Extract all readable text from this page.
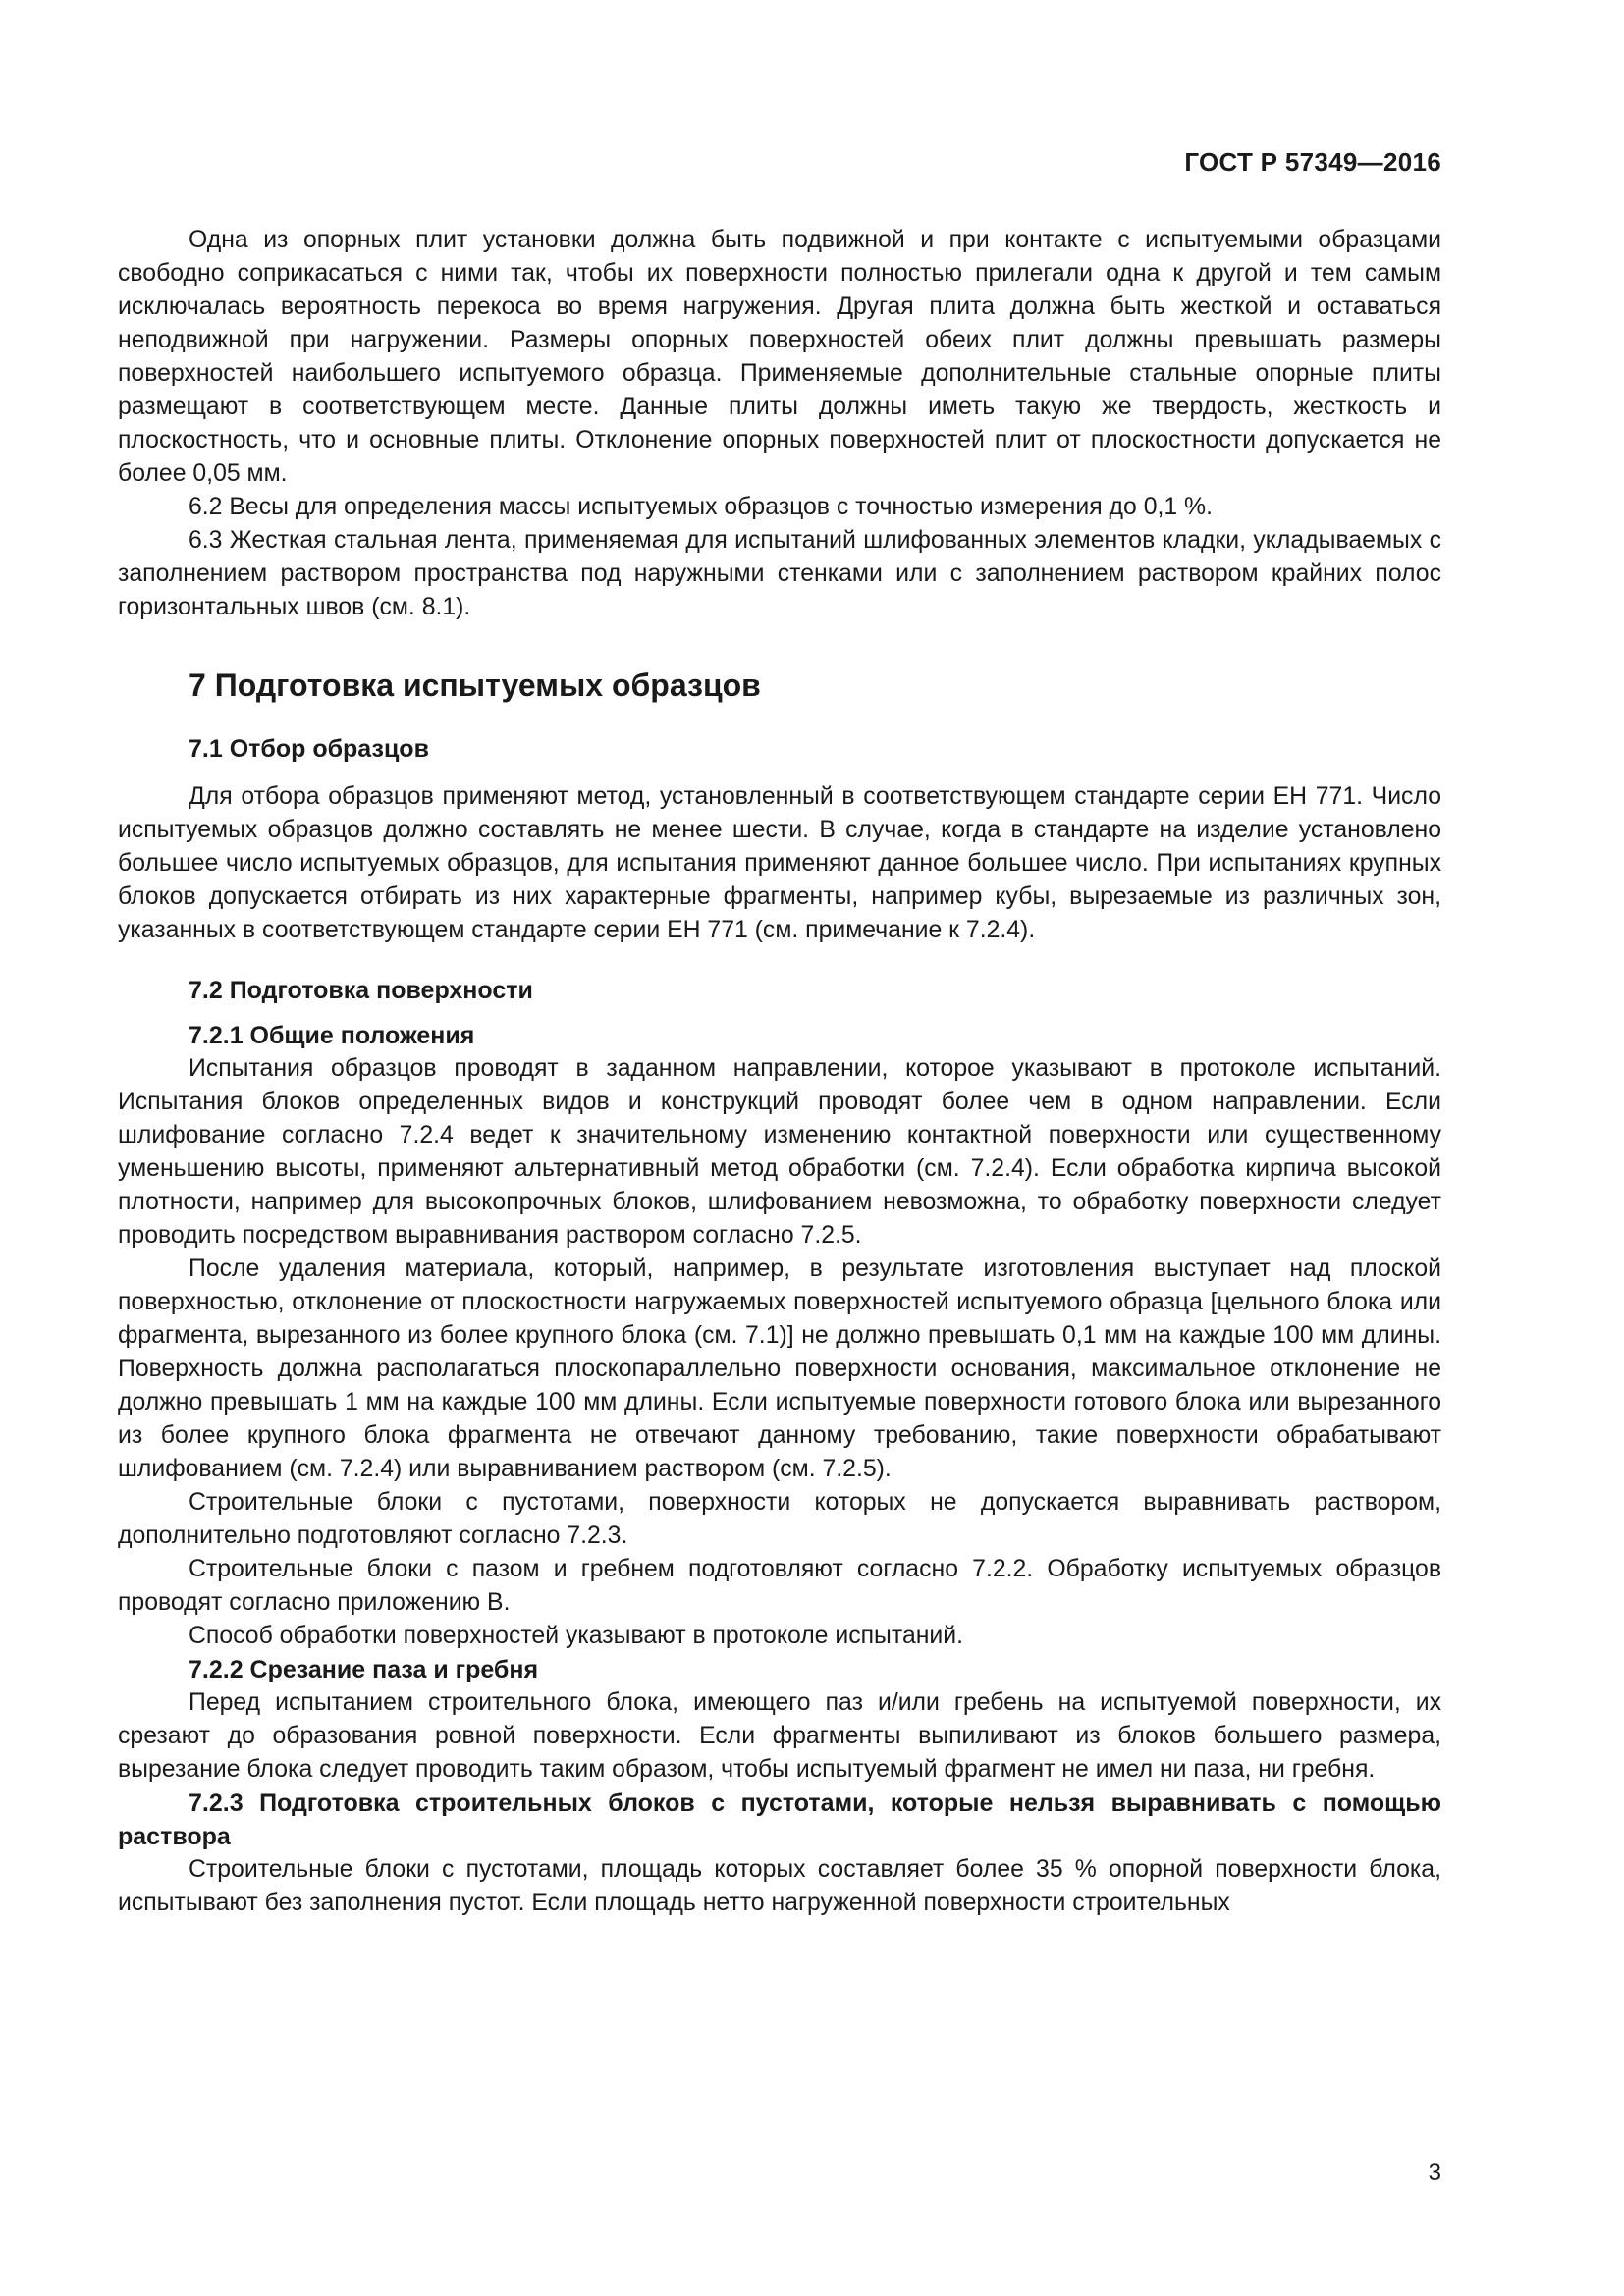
ГОСТ Р 57349—2016

Одна из опорных плит установки должна быть подвижной и при контакте с испытуемыми образцами свободно соприкасаться с ними так, чтобы их поверхности полностью прилегали одна к другой и тем самым исключалась вероятность перекоса во время нагружения. Другая плита должна быть жесткой и оставаться неподвижной при нагружении. Размеры опорных поверхностей обеих плит должны превышать размеры поверхностей наибольшего испытуемого образца. Применяемые дополнительные стальные опорные плиты размещают в соответствующем месте. Данные плиты должны иметь такую же твердость, жесткость и плоскостность, что и основные плиты. Отклонение опорных поверхностей плит от плоскостности допускается не более 0,05 мм.

6.2 Весы для определения массы испытуемых образцов с точностью измерения до 0,1 %.

6.3 Жесткая стальная лента, применяемая для испытаний шлифованных элементов кладки, укладываемых с заполнением раствором пространства под наружными стенками или с заполнением раствором крайних полос горизонтальных швов (см. 8.1).

7 Подготовка испытуемых образцов
7.1 Отбор образцов

Для отбора образцов применяют метод, установленный в соответствующем стандарте серии ЕН 771. Число испытуемых образцов должно составлять не менее шести. В случае, когда в стандарте на изделие установлено большее число испытуемых образцов, для испытания применяют данное большее число. При испытаниях крупных блоков допускается отбирать из них характерные фрагменты, например кубы, вырезаемые из различных зон, указанных в соответствующем стандарте серии ЕН 771 (см. примечание к 7.2.4).

7.2 Подготовка поверхности
7.2.1 Общие положения

Испытания образцов проводят в заданном направлении, которое указывают в протоколе испытаний. Испытания блоков определенных видов и конструкций проводят более чем в одном направлении. Если шлифование согласно 7.2.4 ведет к значительному изменению контактной поверхности или существенному уменьшению высоты, применяют альтернативный метод обработки (см. 7.2.4). Если обработка кирпича высокой плотности, например для высокопрочных блоков, шлифованием невозможна, то обработку поверхности следует проводить посредством выравнивания раствором согласно 7.2.5.

После удаления материала, который, например, в результате изготовления выступает над плоской поверхностью, отклонение от плоскостности нагружаемых поверхностей испытуемого образца [цельного блока или фрагмента, вырезанного из более крупного блока (см. 7.1)] не должно превышать 0,1 мм на каждые 100 мм длины. Поверхность должна располагаться плоскопараллельно поверхности основания, максимальное отклонение не должно превышать 1 мм на каждые 100 мм длины. Если испытуемые поверхности готового блока или вырезанного из более крупного блока фрагмента не отвечают данному требованию, такие поверхности обрабатывают шлифованием (см. 7.2.4) или выравниванием раствором (см. 7.2.5).

Строительные блоки с пустотами, поверхности которых не допускается выравнивать раствором, дополнительно подготовляют согласно 7.2.3.

Строительные блоки с пазом и гребнем подготовляют согласно 7.2.2. Обработку испытуемых образцов проводят согласно приложению В.

Способ обработки поверхностей указывают в протоколе испытаний.

7.2.2 Срезание паза и гребня

Перед испытанием строительного блока, имеющего паз и/или гребень на испытуемой поверхности, их срезают до образования ровной поверхности. Если фрагменты выпиливают из блоков большего размера, вырезание блока следует проводить таким образом, чтобы испытуемый фрагмент не имел ни паза, ни гребня.

7.2.3 Подготовка строительных блоков с пустотами, которые нельзя выравнивать с помощью раствора

Строительные блоки с пустотами, площадь которых составляет более 35 % опорной поверхности блока, испытывают без заполнения пустот. Если площадь нетто нагруженной поверхности строительных

3
